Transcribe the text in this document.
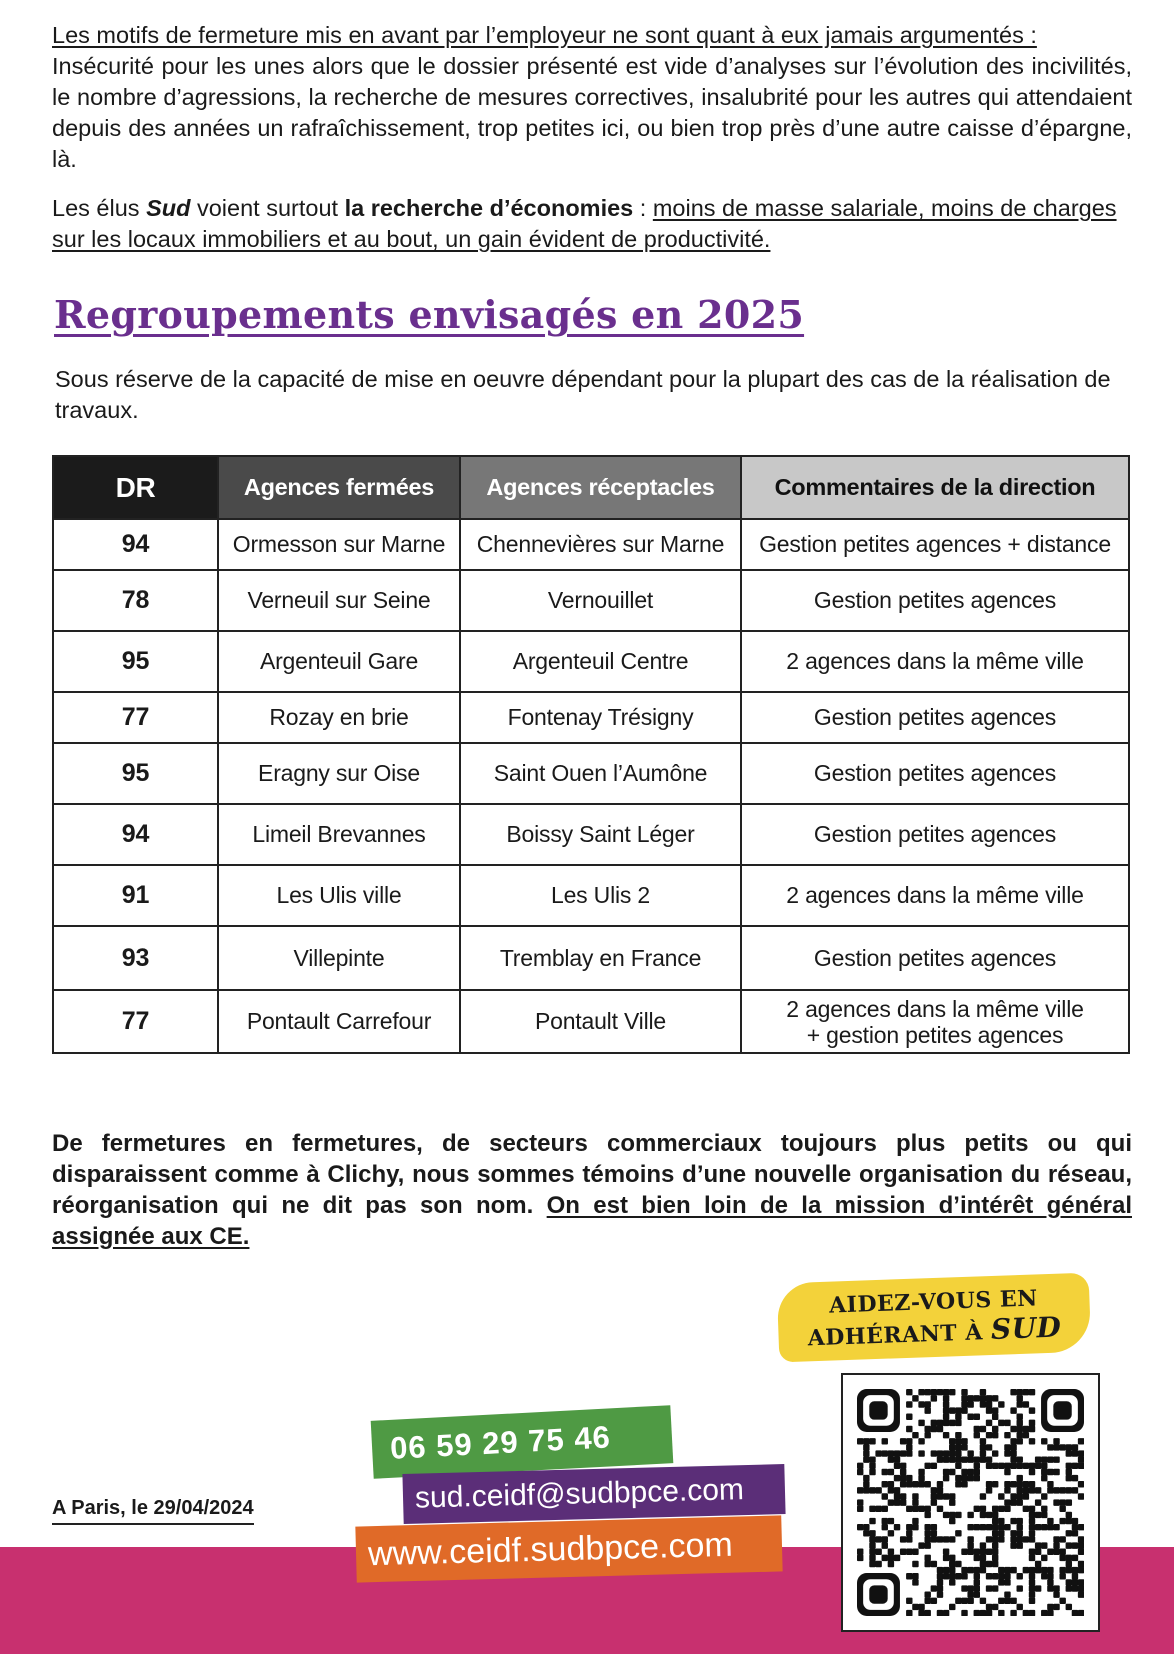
Les motifs de fermeture mis en avant par l’employeur ne sont quant à eux jamais argumentés :
Insécurité pour les unes alors que le dossier présenté est vide d’analyses sur l’évolution des incivilités, le nombre d’agressions, la recherche de mesures correctives, insalubrité pour les autres qui attendaient depuis des années un rafraîchissement, trop petites ici, ou bien trop près d’une autre caisse d’épargne, là.

Les élus Sud voient surtout la recherche d’économies : moins de masse salariale, moins de charges sur les locaux immobiliers et au bout, un gain évident de productivité.

Regroupements envisagés en 2025

Sous réserve de la capacité de mise en oeuvre dépendant pour la plupart des cas de la réalisation de travaux.

DR	Agences fermées	Agences réceptacles	Commentaires de la direction
94	Ormesson sur Marne	Chennevières sur Marne	Gestion petites agences + distance
78	Verneuil sur Seine	Vernouillet	Gestion petites agences
95	Argenteuil Gare	Argenteuil Centre	2 agences dans la même ville
77	Rozay en brie	Fontenay Trésigny	Gestion petites agences
95	Eragny sur Oise	Saint Ouen l’Aumône	Gestion petites agences
94	Limeil Brevannes	Boissy Saint Léger	Gestion petites agences
91	Les Ulis ville	Les Ulis 2	2 agences dans la même ville
93	Villepinte	Tremblay en France	Gestion petites agences
77	Pontault Carrefour	Pontault Ville	2 agences dans la même ville
+ gestion petites agences

De fermetures en fermetures, de secteurs commerciaux toujours plus petits ou qui disparaissent comme à Clichy, nous sommes témoins d’une nouvelle organisation du réseau, réorganisation qui ne dit pas son nom. On est bien loin de la mission d’intérêt général assignée aux CE.

AIDEZ-VOUS EN
ADHÉRANT À SUD
A Paris, le 29/04/2024
06 59 29 75 46
sud.ceidf@sudbpce.com
www.ceidf.sudbpce.com
